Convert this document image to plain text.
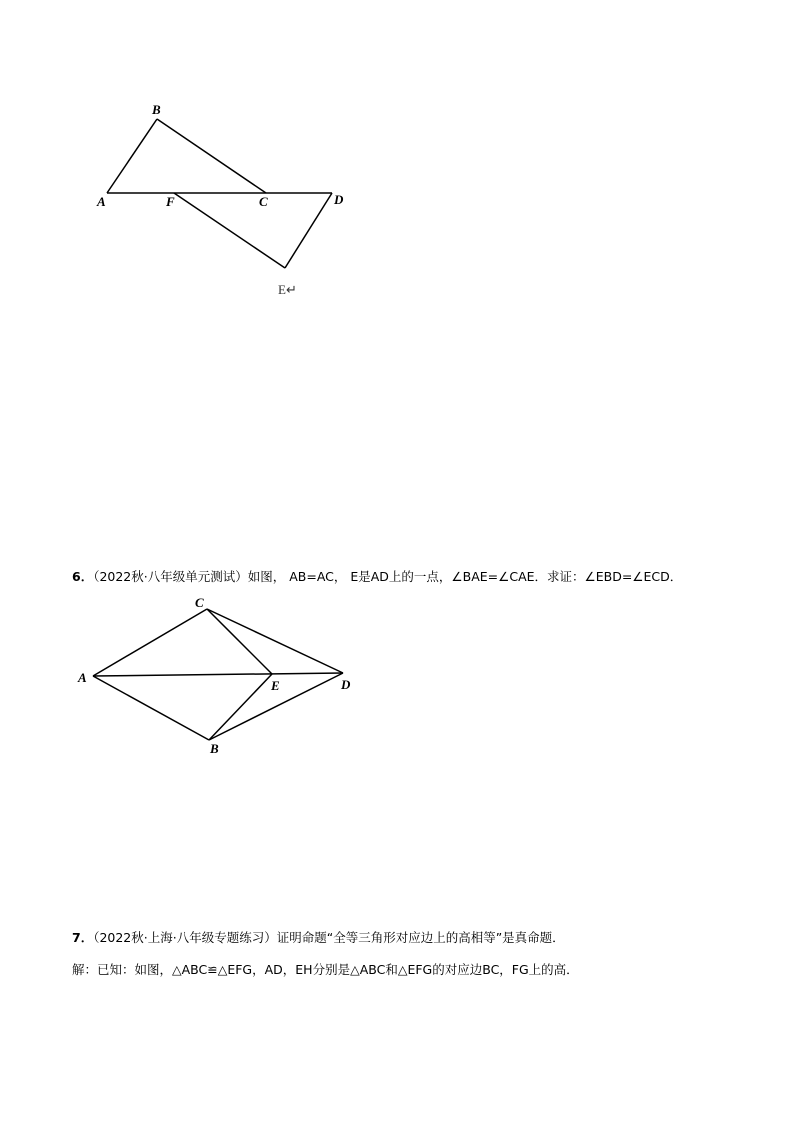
B
A	F	C	D
E↵
6．（2022秋·八年级单元测试）如图， AB=AC， E是AD上的一点，∠BAE=∠CAE．求证：∠EBD=∠ECD．
C
A
E	D
B
7．（2022秋·上海·八年级专题练习）证明命题“全等三角形对应边上的高相等”是真命题．
解：已知：如图，△ABC≌△EFG，AD，EH分别是△ABC和△EFG的对应边BC，FG上的高．
